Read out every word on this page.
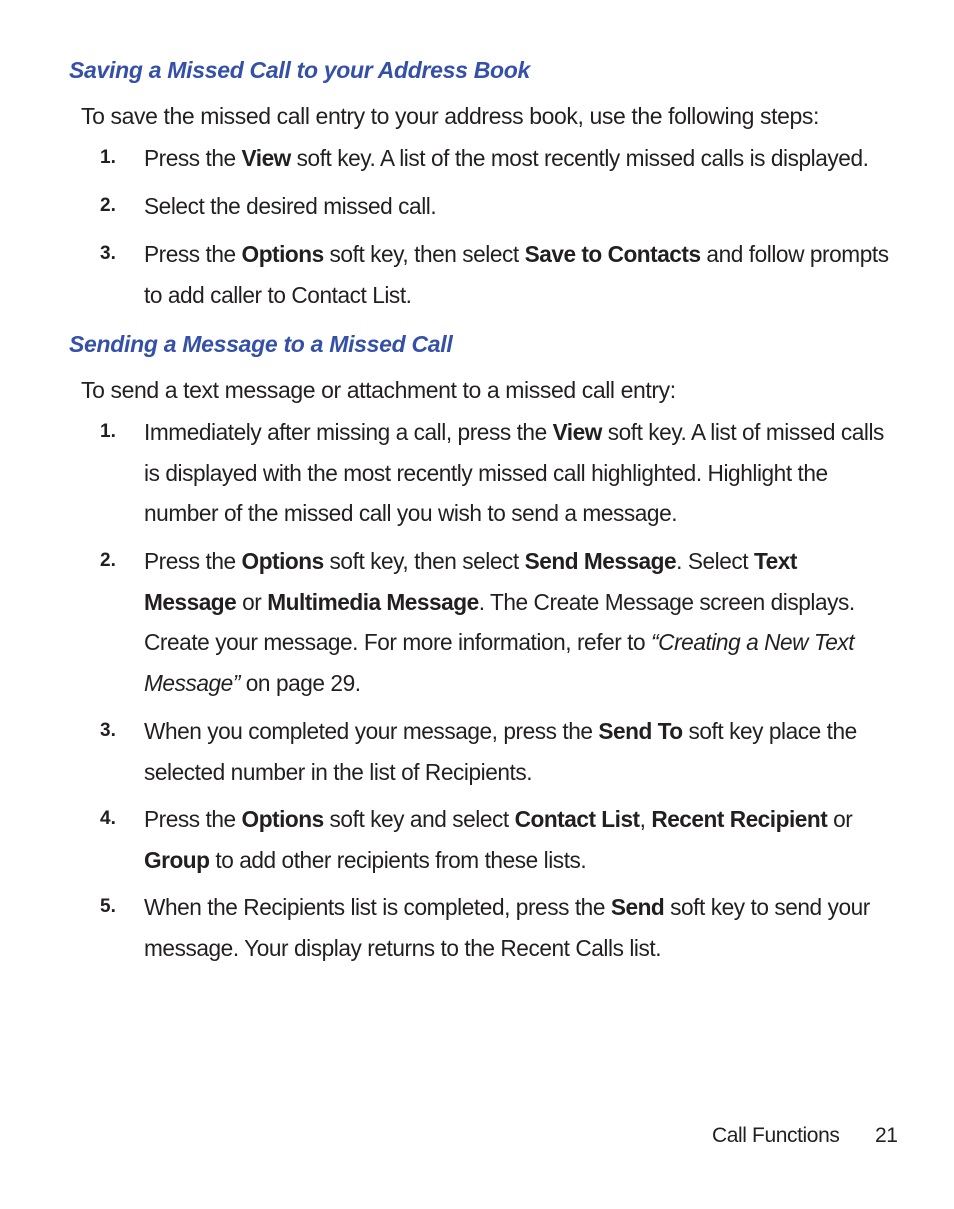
Saving a Missed Call to your Address Book

To save the missed call entry to your address book, use the following steps:

1. Press the View soft key. A list of the most recently missed calls is displayed.
2. Select the desired missed call.
3. Press the Options soft key, then select Save to Contacts and follow prompts to add caller to Contact List.
Sending a Message to a Missed Call

To send a text message or attachment to a missed call entry:

1. Immediately after missing a call, press the View soft key. A list of missed calls is displayed with the most recently missed call highlighted. Highlight the number of the missed call you wish to send a message.
2. Press the Options soft key, then select Send Message. Select Text Message or Multimedia Message. The Create Message screen displays. Create your message. For more information, refer to “Creating a New Text Message” on page 29.
3. When you completed your message, press the Send To soft key place the selected number in the list of Recipients.
4. Press the Options soft key and select Contact List, Recent Recipient or Group to add other recipients from these lists.
5. When the Recipients list is completed, press the Send soft key to send your message. Your display returns to the Recent Calls list.
Call Functions 21
